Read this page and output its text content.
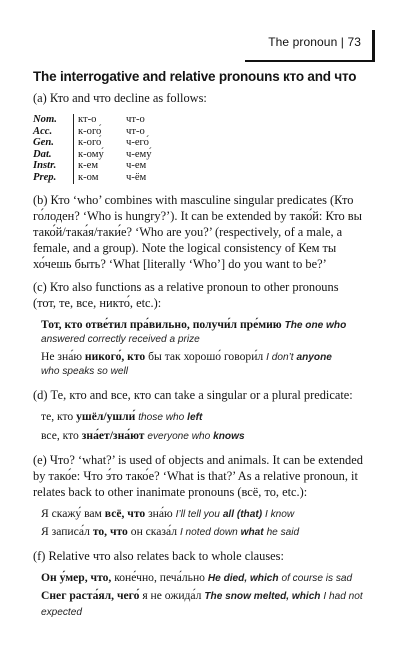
The pronoun | 73
The interrogative and relative pronouns кто and что

(a) Кто and что decline as follows:

Nom.	кт-о	чт-о
Acc.	к-ого́	чт-о
Gen.	к-ого́	ч-его́
Dat.	к-ому́	ч-ему́
Instr.	к-ем	ч-ем
Prep.	к-ом	ч-ём
(b) Кто ‘who’ combines with masculine singular predicates (Кто
го́лоден? ‘Who is hungry?’). It can be extended by тако́й: Кто вы
тако́й/така́я/таки́е? ‘Who are you?’ (respectively, of a male, a
female, and a group). Note the logical consistency of Кем ты
хо́чешь быть? ‘What [literally ‘Who’] do you want to be?’
(c) Кто also functions as a relative pronoun to other pronouns
(тот, те, все, никто́, etc.):
Тот, кто отве́тил пра́вильно, получи́л пре́мию The one who
answered correctly received a prize
Не зна́ю никого́, кто бы так хорошо́ говори́л I don’t anyone
who speaks so well
(d) Те, кто and все, кто can take a singular or a plural predicate:
те, кто ушёл/ушли́ those who left
все, кто зна́ет/зна́ют everyone who knows
(e) Что? ‘what?’ is used of objects and animals. It can be extended
by тако́е: Что э́то тако́е? ‘What is that?’ As a relative pronoun, it
relates back to other inanimate pronouns (всё, то, etc.):
Я скажу́ вам всё, что зна́ю I’ll tell you all (that) I know
Я записа́л то, что он сказа́л I noted down what he said
(f) Relative что also relates back to whole clauses:
Он у́мер, что, коне́чно, печа́льно He died, which of course is sad
Снег раста́ял, чего́ я не ожида́л The snow melted, which I had not expected
